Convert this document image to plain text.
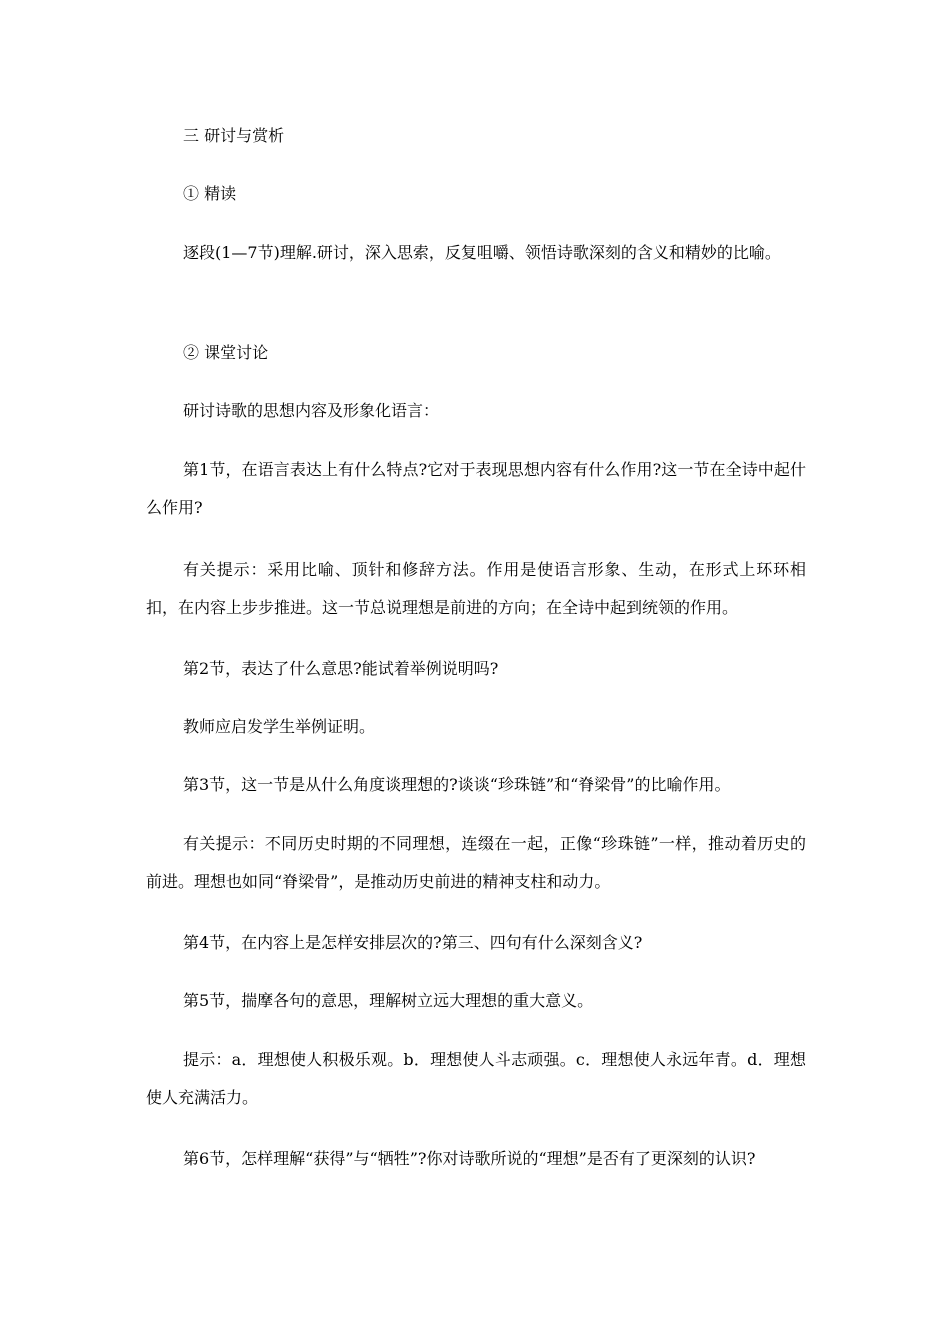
三 研讨与赏析

① 精读

逐段(1—7节)理解.研讨，深入思索，反复咀嚼、领悟诗歌深刻的含义和精妙的比喻。

② 课堂讨论

研讨诗歌的思想内容及形象化语言：

第1节，在语言表达上有什么特点?它对于表现思想内容有什么作用?这一节在全诗中起什么作用?

有关提示：采用比喻、顶针和修辞方法。作用是使语言形象、生动，在形式上环环相扣，在内容上步步推进。这一节总说理想是前进的方向；在全诗中起到统领的作用。

第2节，表达了什么意思?能试着举例说明吗?

教师应启发学生举例证明。

第3节，这一节是从什么角度谈理想的?谈谈“珍珠链”和“脊梁骨”的比喻作用。

有关提示：不同历史时期的不同理想，连缀在一起，正像“珍珠链”一样，推动着历史的前进。理想也如同“脊梁骨”，是推动历史前进的精神支柱和动力。

第4节，在内容上是怎样安排层次的?第三、四句有什么深刻含义?

第5节，揣摩各句的意思，理解树立远大理想的重大意义。

提示：a．理想使人积极乐观。b．理想使人斗志顽强。c．理想使人永远年青。d．理想使人充满活力。

第6节，怎样理解“获得”与“牺牲”?你对诗歌所说的“理想”是否有了更深刻的认识?
